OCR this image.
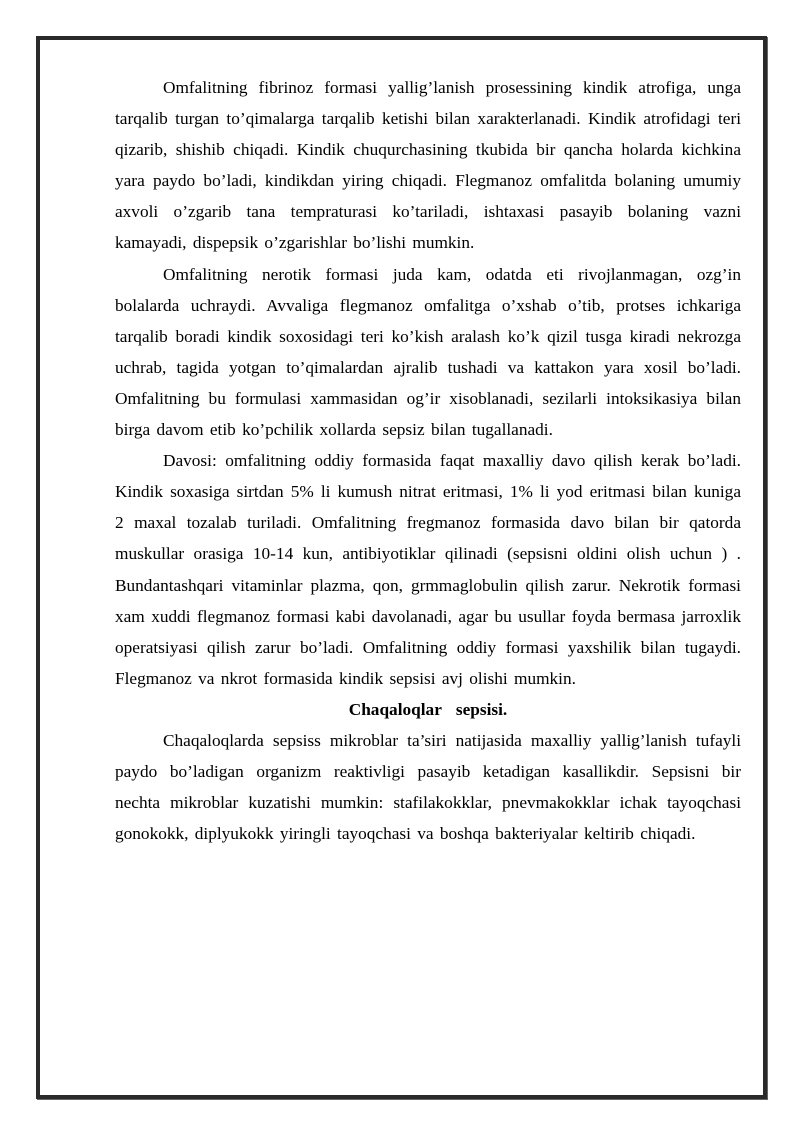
Omfalitning fibrinoz formasi yallig’lanish prosessining kindik atrofiga, unga tarqalib turgan to’qimalarga tarqalib ketishi bilan xarakterlanadi. Kindik atrofidagi teri qizarib, shishib chiqadi. Kindik chuqurchasining tkubida bir qancha holarda kichkina yara paydo bo’ladi, kindikdan yiring chiqadi. Flegmanoz omfalitda bolaning umumiy axvoli o’zgarib tana tempraturasi ko’tariladi, ishtaxasi pasayib bolaning vazni kamayadi, dispepsik o’zgarishlar bo’lishi mumkin.

Omfalitning nerotik formasi juda kam, odatda eti rivojlanmagan, ozg’in bolalarda uchraydi. Avvaliga flegmanoz omfalitga o’xshab o’tib, protses ichkariga tarqalib boradi kindik soxosidagi teri ko’kish aralash ko’k qizil tusga kiradi nekrozga uchrab, tagida yotgan to’qimalardan ajralib tushadi va kattakon yara xosil bo’ladi. Omfalitning bu formulasi xammasidan og’ir xisoblanadi, sezilarli intoksikasiya bilan birga davom etib ko’pchilik xollarda sepsiz bilan tugallanadi.

Davosi: omfalitning oddiy formasida faqat maxalliy davo qilish kerak bo’ladi. Kindik soxasiga sirtdan 5% li kumush nitrat eritmasi, 1% li yod eritmasi bilan kuniga 2 maxal tozalab turiladi. Omfalitning fregmanoz formasida davo bilan bir qatorda muskullar orasiga 10-14 kun, antibiyotiklar qilinadi (sepsisni oldini olish uchun ) . Bundantashqari vitaminlar plazma, qon, grmmaglobulin qilish zarur. Nekrotik formasi xam xuddi flegmanoz formasi kabi davolanadi, agar bu usullar foyda bermasa jarroxlik operatsiyasi qilish zarur bo’ladi. Omfalitning oddiy formasi yaxshilik bilan tugaydi. Flegmanoz va nkrot formasida kindik sepsisi avj olishi mumkin.

Chaqaloqlar sepsisi.

Chaqaloqlarda sepsiss mikroblar ta’siri natijasida maxalliy yallig’lanish tufayli paydo bo’ladigan organizm reaktivligi pasayib ketadigan kasallikdir. Sepsisni bir nechta mikroblar kuzatishi mumkin: stafilakokklar, pnevmakokklar ichak tayoqchasi gonokokk, diplyukokk yiringli tayoqchasi va boshqa bakteriyalar keltirib chiqadi.
